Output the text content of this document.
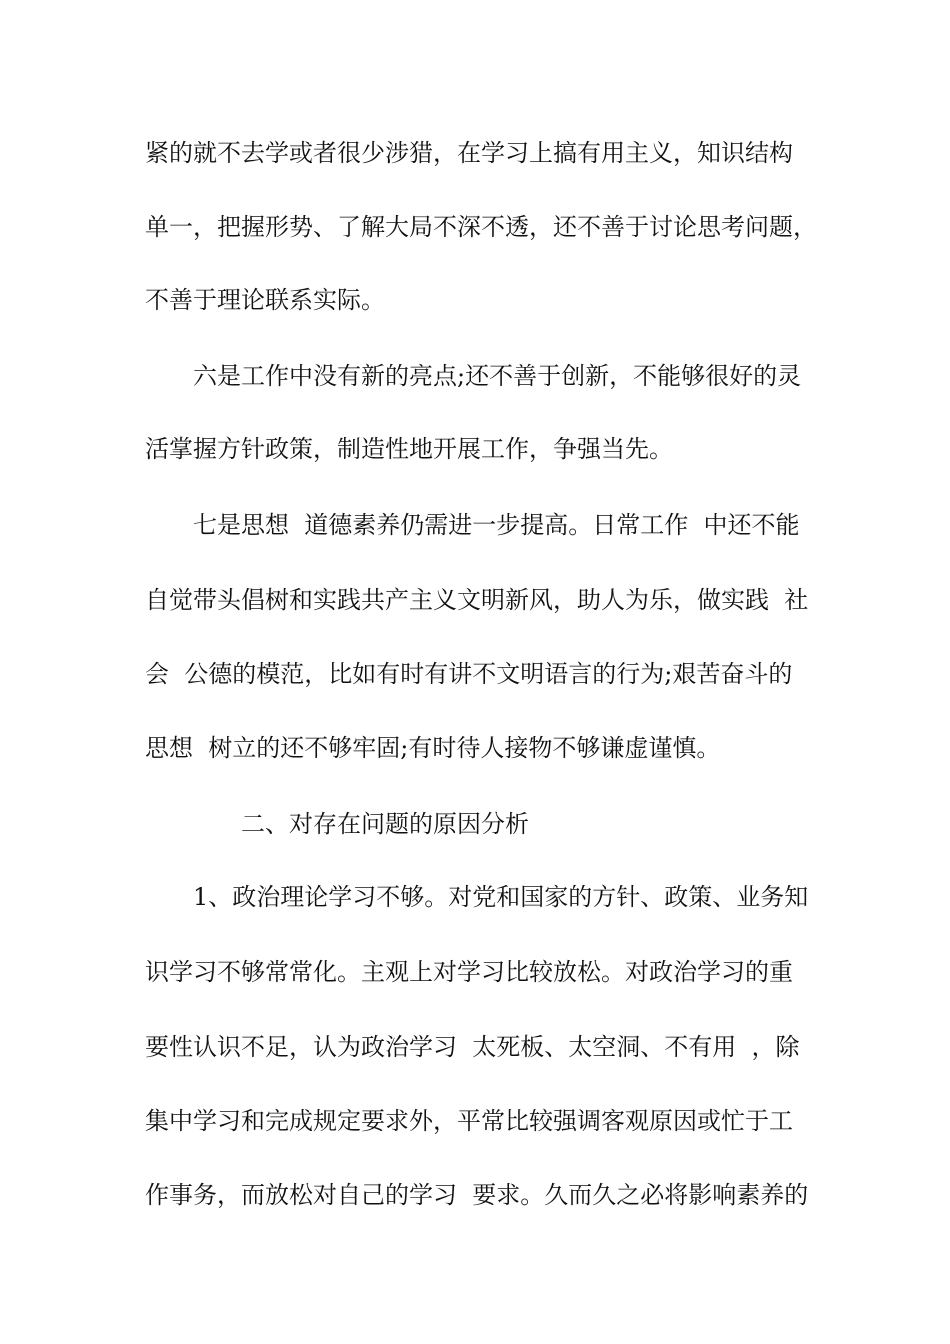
紧的就不去学或者很少涉猎，在学习上搞有用主义，知识结构
单一，把握形势、了解大局不深不透，还不善于讨论思考问题，
不善于理论联系实际。
六是工作中没有新的亮点;还不善于创新，不能够很好的灵
活掌握方针政策，制造性地开展工作，争强当先。
七是思想  道德素养仍需进一步提高。日常工作  中还不能
自觉带头倡树和实践共产主义文明新风，助人为乐，做实践  社
会  公德的模范，比如有时有讲不文明语言的行为;艰苦奋斗的
思想  树立的还不够牢固;有时待人接物不够谦虚谨慎。
二、对存在问题的原因分析
1、政治理论学习不够。对党和国家的方针、政策、业务知
识学习不够常常化。主观上对学习比较放松。对政治学习的重
要性认识不足，认为政治学习  太死板、太空洞、不有用  ，除
集中学习和完成规定要求外，平常比较强调客观原因或忙于工
作事务，而放松对自己的学习  要求。久而久之必将影响素养的
